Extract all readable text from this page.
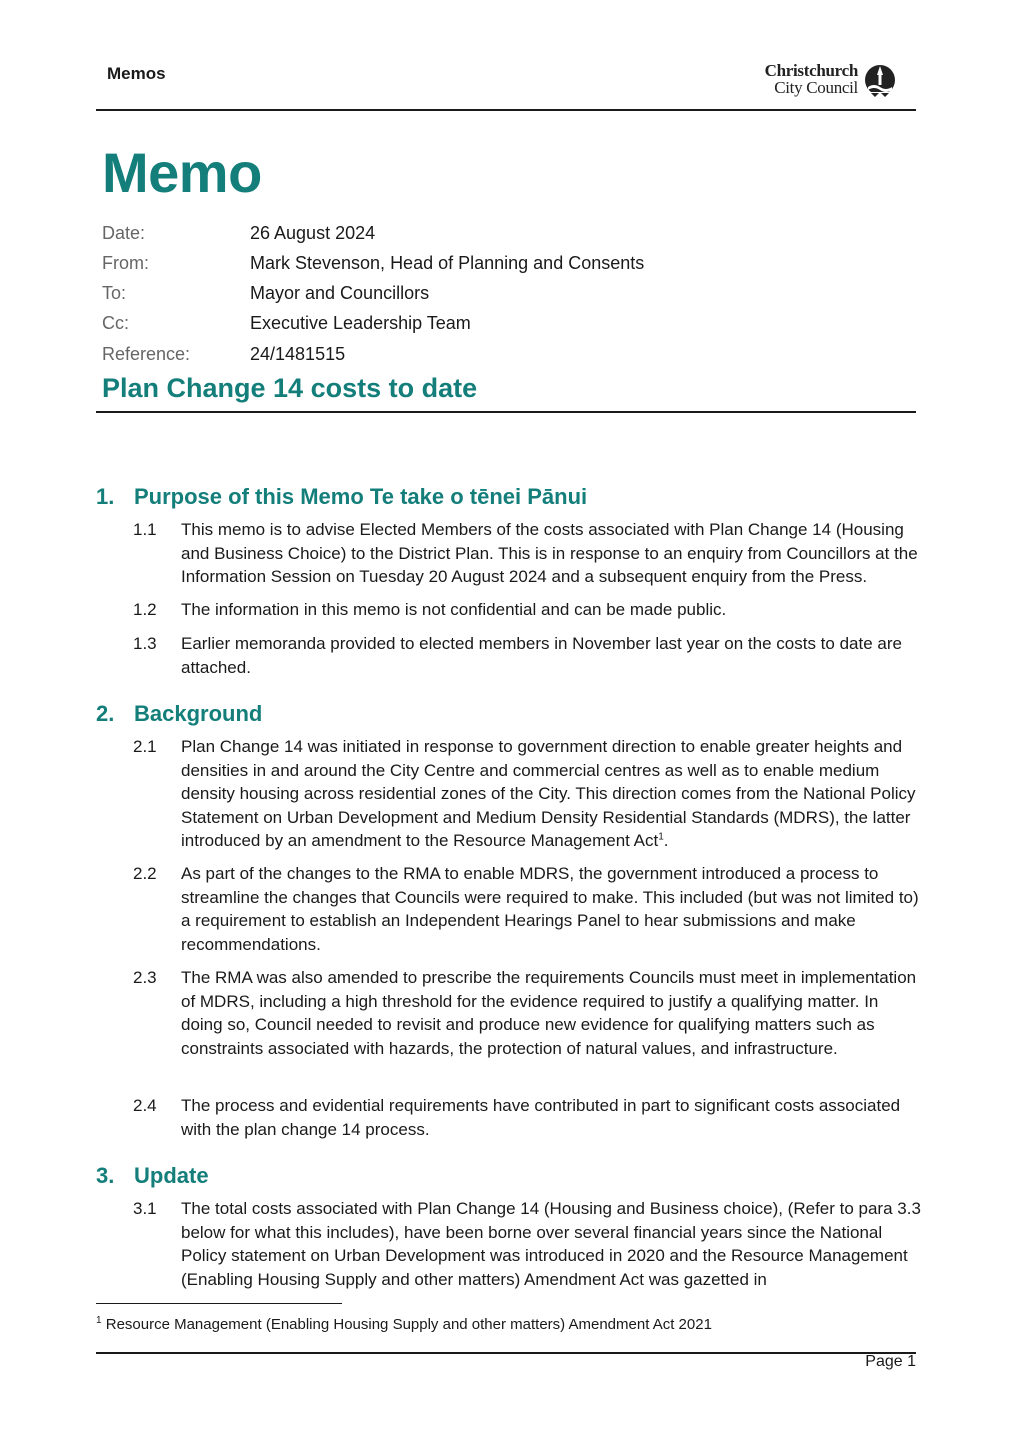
Memos	Christchurch
City Council
Memo
Date:	26 August 2024
From:	Mark Stevenson, Head of Planning and Consents
To:	Mayor and Councillors
Cc:	Executive Leadership Team
Reference:	24/1481515
Plan Change 14 costs to date
1. Purpose of this Memo Te take o tēnei Pānui
1.1	This memo is to advise Elected Members of the costs associated with Plan Change 14 (Housing and Business Choice) to the District Plan. This is in response to an enquiry from Councillors at the Information Session on Tuesday 20 August 2024 and a subsequent enquiry from the Press.
1.2	The information in this memo is not confidential and can be made public.
1.3	Earlier memoranda provided to elected members in November last year on the costs to date are attached.
2. Background
2.1	Plan Change 14 was initiated in response to government direction to enable greater heights and densities in and around the City Centre and commercial centres as well as to enable medium density housing across residential zones of the City. This direction comes from the National Policy Statement on Urban Development and Medium Density Residential Standards (MDRS), the latter introduced by an amendment to the Resource Management Act$^1$.
2.2	As part of the changes to the RMA to enable MDRS, the government introduced a process to streamline the changes that Councils were required to make. This included (but was not limited to) a requirement to establish an Independent Hearings Panel to hear submissions and make recommendations.
2.3	The RMA was also amended to prescribe the requirements Councils must meet in implementation of MDRS, including a high threshold for the evidence required to justify a qualifying matter. In doing so, Council needed to revisit and produce new evidence for qualifying matters such as constraints associated with hazards, the protection of natural values, and infrastructure.
2.4	The process and evidential requirements have contributed in part to significant costs associated with the plan change 14 process.
3. Update
3.1	The total costs associated with Plan Change 14 (Housing and Business choice), (Refer to para 3.3 below for what this includes), have been borne over several financial years since the National Policy statement on Urban Development was introduced in 2020 and the Resource Management (Enabling Housing Supply and other matters) Amendment Act was gazetted in
$^1$ Resource Management (Enabling Housing Supply and other matters) Amendment Act 2021
Page 1
